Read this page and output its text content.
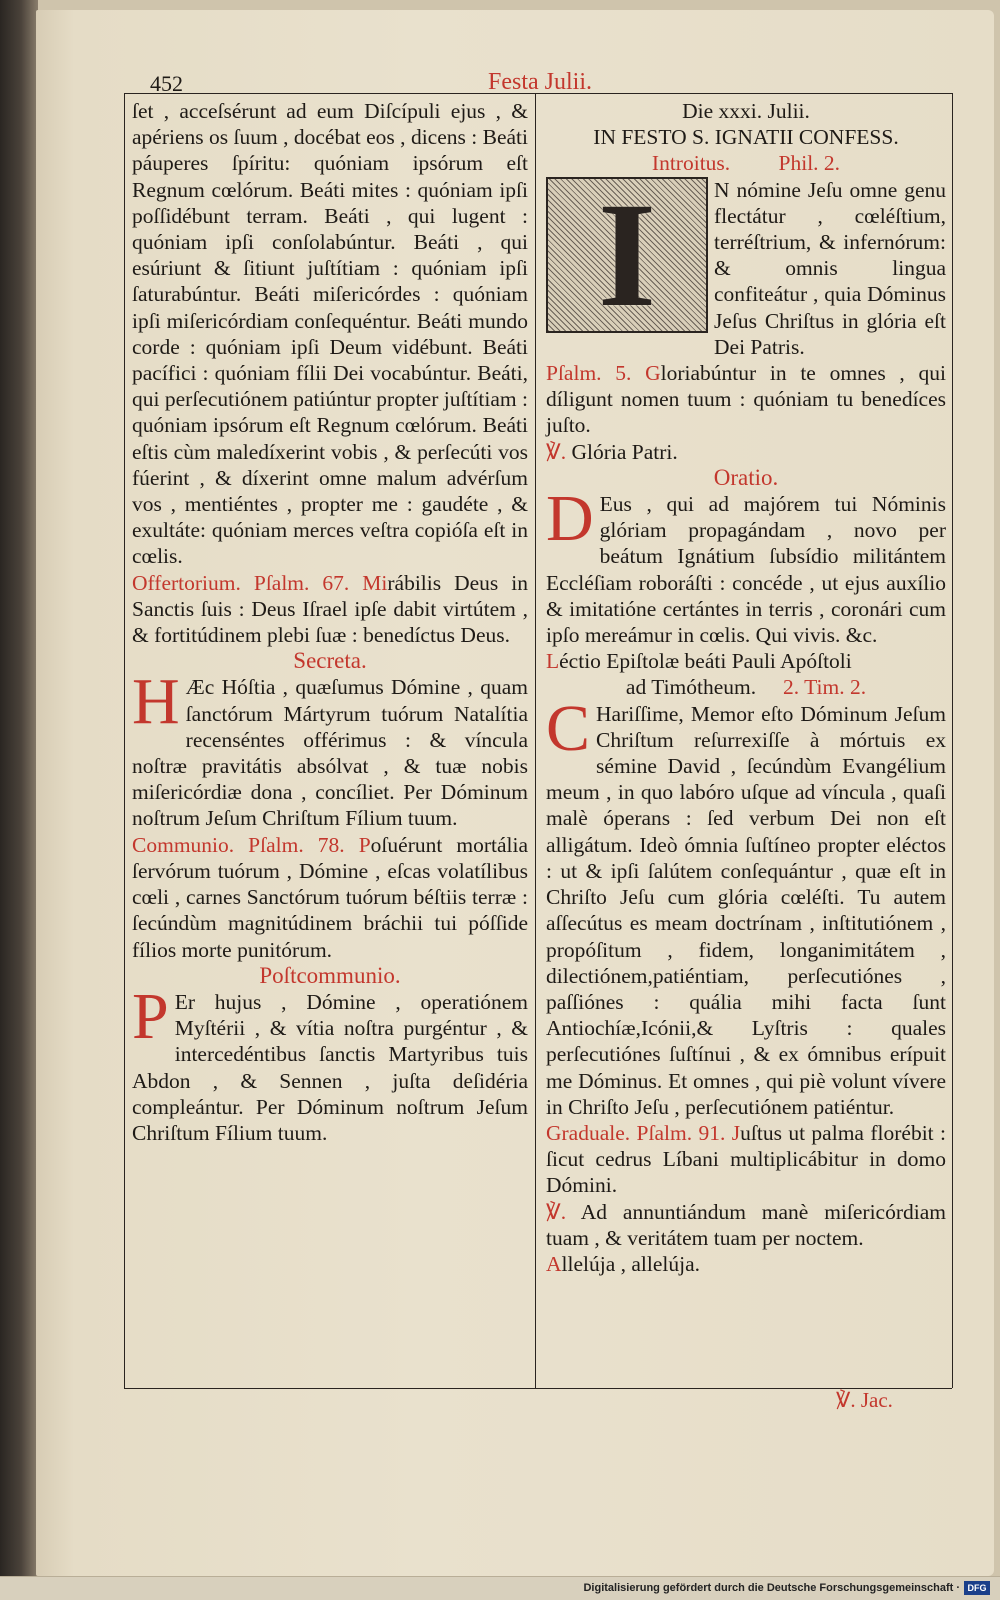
452	Festa Julii.

ſet , acceſsérunt ad eum Diſcípuli ejus , & apériens os ſuum , docébat eos , dicens : Beáti páuperes ſpíritu: quóniam ipsórum eſt Regnum cœlórum. Beáti mites : quóniam ipſi poſſidébunt terram. Beáti , qui lugent : quóniam ipſi conſolabúntur. Beáti , qui esúriunt & ſitiunt juſtítiam : quóniam ipſi ſaturabúntur. Beáti miſericórdes : quóniam ipſi miſericórdiam conſequéntur. Beáti mundo corde : quóniam ipſi Deum vidébunt. Beáti pacífici : quóniam fílii Dei vocabúntur. Beáti, qui perſecutiónem patiúntur propter juſtítiam : quóniam ipsórum eſt Regnum cœlórum. Beáti eſtis cùm maledíxerint vobis , & perſecúti vos fúerint , & díxerint omne malum advérſum vos , mentiéntes , propter me : gaudéte , & exultáte: quóniam merces veſtra copióſa eſt in cœlis.

Offertorium. Pſalm. 67. Mirábilis Deus in Sanctis ſuis : Deus Iſrael ipſe dabit virtútem , & fortitúdinem plebi ſuæ : benedíctus Deus.

Secreta.

H Æc Hóſtia , quæſumus Dómine , quam ſanctórum Mártyrum tuórum Natalítia recenséntes offérimus : & víncula noſtræ pravitátis absólvat , & tuæ nobis miſericórdiæ dona , concíliet. Per Dóminum noſtrum Jeſum Chriſtum Fílium tuum.

Communio. Pſalm. 78. Poſuérunt mortália ſervórum tuórum , Dómine , eſcas volatílibus cœli , carnes Sanctórum tuórum béſtiis terræ : ſecúndùm magnitúdinem bráchii tui póſſide fílios morte punitórum.

Poſtcommunio.

P Er hujus , Dómine , operatiónem Myſtérii , & vítia noſtra purgéntur , & intercedéntibus ſanctis Martyribus tuis Abdon , & Sennen , juſta deſidéria compleántur. Per Dóminum noſtrum Jeſum Chriſtum Fílium tuum.

Die xxxi. Julii.

IN FESTO S. IGNATII CONFESS.

Introitus. Phil. 2.

I	N nómine Jeſu omne genu flectátur , cœléſtium, terréſtrium, & infernórum: & omnis lingua confiteátur , quia Dóminus Jeſus Chriſtus in glória eſt Dei Patris.

Pſalm. 5. Gloriabúntur in te omnes , qui díligunt nomen tuum : quóniam tu benedíces juſto.

℣. Glória Patri.

Oratio.

D Eus , qui ad majórem tui Nóminis glóriam propagándam , novo per beátum Ignátium ſubsídio militántem Eccléſiam roboráſti : concéde , ut ejus auxílio & imitatióne certántes in terris , coronári cum ipſo mereámur in cœlis. Qui vivis. &c.

Léctio Epiſtolæ beáti Pauli Apóſtoli

ad Timótheum. 2. Tim. 2.

C Hariſſime, Memor eſto Dóminum Jeſum Chriſtum reſurrexiſſe à mórtuis ex sémine David , ſecúndùm Evangélium meum , in quo labóro uſque ad víncula , quaſi malè óperans : ſed verbum Dei non eſt alligátum. Ideò ómnia ſuſtíneo propter eléctos : ut & ipſi ſalútem conſequántur , quæ eſt in Chriſto Jeſu cum glória cœléſti. Tu autem aſſecútus es meam doctrínam , inſtitutiónem , propóſitum , fidem, longanimitátem , dilectiónem,patiéntiam, perſecutiónes , paſſiónes : quália mihi facta ſunt Antiochíæ,Icónii,& Lyſtris : quales perſecutiónes ſuſtínui , & ex ómnibus erípuit me Dóminus. Et omnes , qui piè volunt vívere in Chriſto Jeſu , perſecutiónem patiéntur.

Graduale. Pſalm. 91. Juſtus ut palma florébit : ſicut cedrus Líbani multiplicábitur in domo Dómini.

℣. Ad annuntiándum manè miſericórdiam tuam , & veritátem tuam per noctem.

Allelúja , allelúja.

℣. Jac.
Digitalisierung gefördert durch die Deutsche Forschungsgemeinschaft · DFG
